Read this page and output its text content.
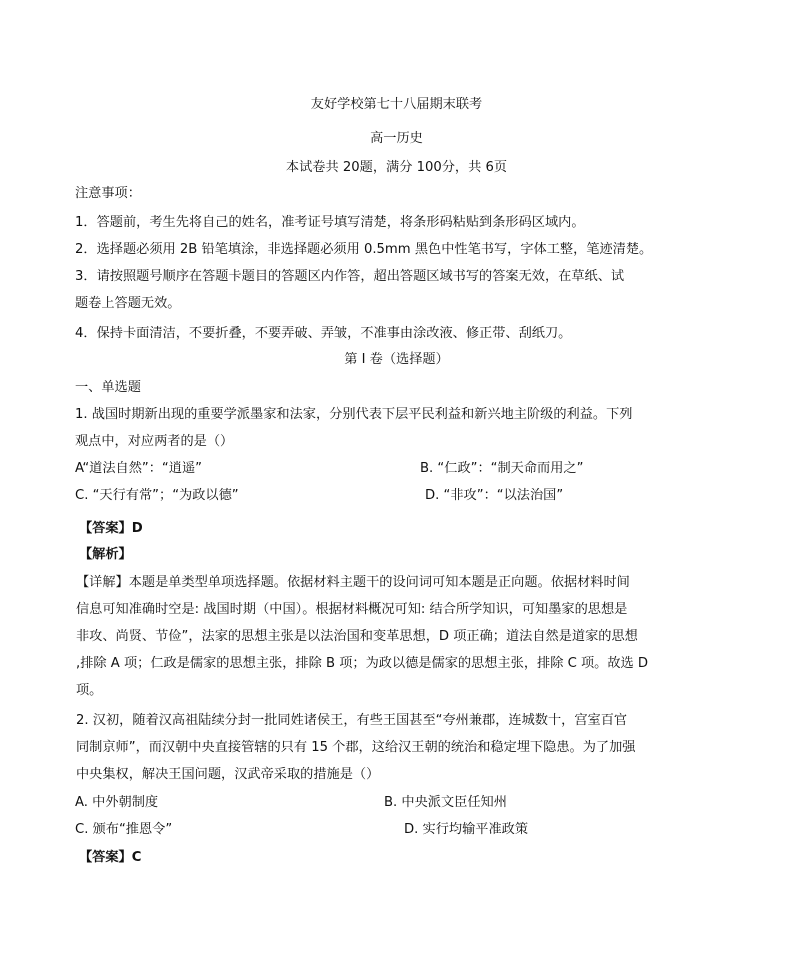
友好学校第七十八届期末联考
高一历史
本试卷共 20题，满分 100分，共 6页
注意事项：
1．答题前，考生先将自己的姓名，准考证号填写清楚，将条形码粘贴到条形码区域内。
2．选择题必须用 2B 铅笔填涂，非选择题必须用 0.5mm 黑色中性笔书写，字体工整，笔迹清楚。
3．请按照题号顺序在答题卡题目的答题区内作答，超出答题区域书写的答案无效，在草纸、试
题卷上答题无效。
4．保持卡面清洁，不要折叠，不要弄破、弄皱，不准事由涂改液、修正带、刮纸刀。
第 I 卷（选择题）
一、单选题
1. 战国时期新出现的重要学派墨家和法家，分别代表下层平民利益和新兴地主阶级的利益。下列
观点中，对应两者的是（）
A“道法自然”：“逍遥”	B. “仁政”：“制天命而用之”
C. “天行有常”；“为政以德”	D. “非攻”：“以法治国”
【答案】D
【解析】
【详解】本题是单类型单项选择题。依据材料主题干的设问词可知本题是正向题。依据材料时间
信息可知准确时空是: 战国时期（中国）。根据材料概况可知: 结合所学知识，可知墨家的思想是
非攻、尚贤、节俭”，法家的思想主张是以法治国和变革思想，D 项正确；道法自然是道家的思想
,排除 A 项；仁政是儒家的思想主张，排除 B 项；为政以德是儒家的思想主张，排除 C 项。故选 D
项。
2. 汉初，随着汉高祖陆续分封一批同姓诸侯王，有些王国甚至“夸州兼郡，连城数十，宫室百官
同制京师”，而汉朝中央直接管辖的只有 15 个郡，这给汉王朝的统治和稳定埋下隐患。为了加强
中央集权，解决王国问题，汉武帝采取的措施是（）
A. 中外朝制度	B. 中央派文臣任知州
C. 颁布“推恩令”	D. 实行均输平准政策
【答案】C
